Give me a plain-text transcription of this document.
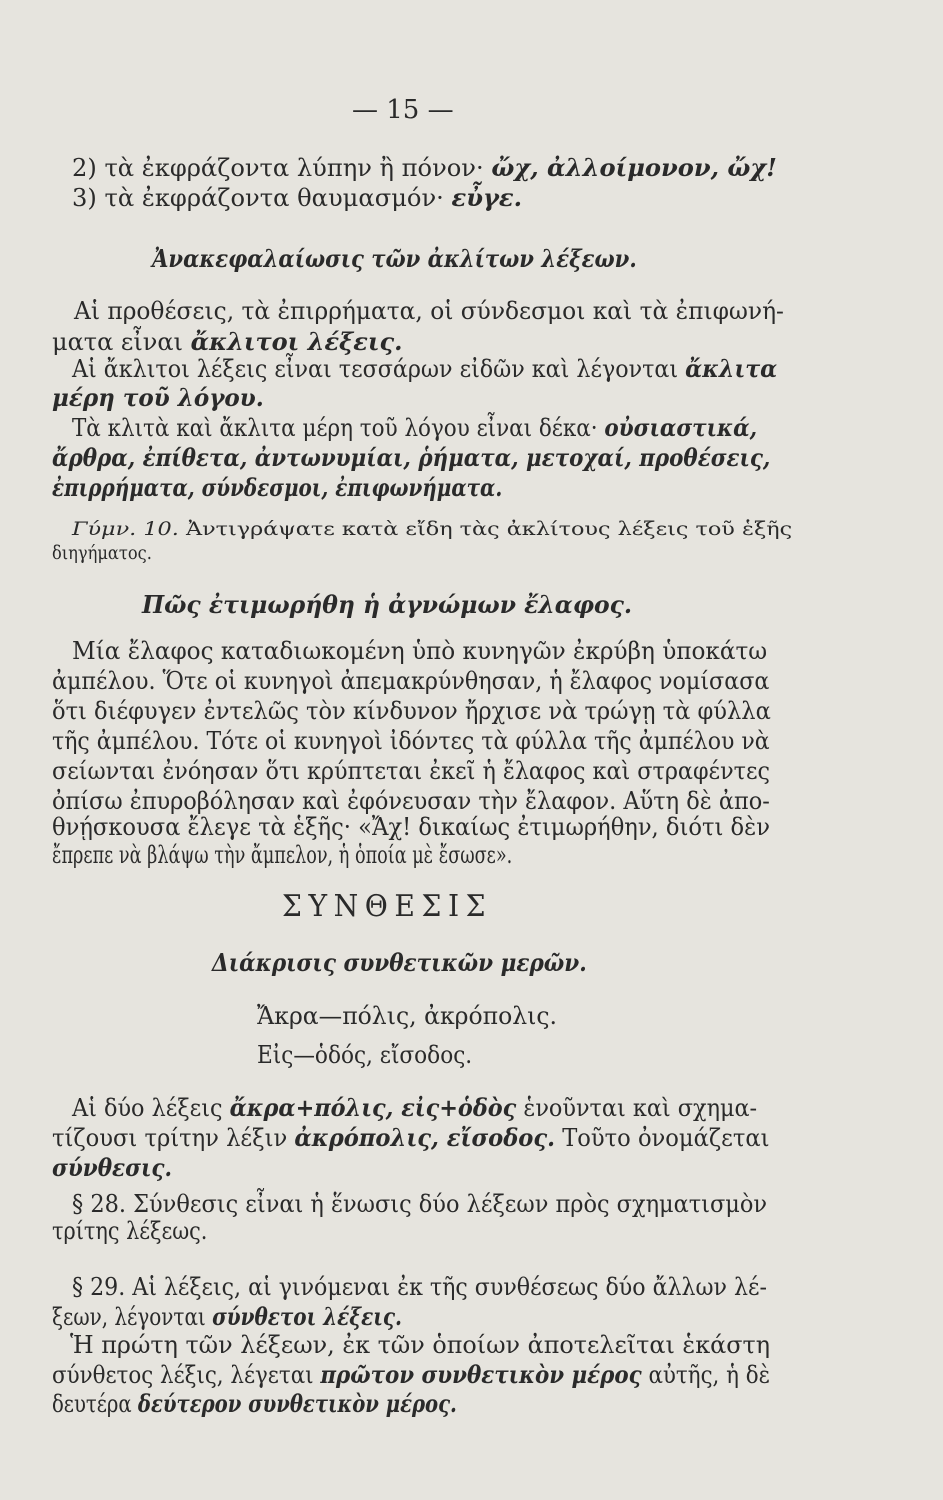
— 15 —
2) τὰ ἐκφράζοντα λύπην ἢ πόνον· ὤχ, ἀλλοίμονον, ὤχ!
3) τὰ ἐκφράζοντα θαυμασμόν· εὖγε.
Ἀνακεφαλαίωσις τῶν ἀκλίτων λέξεων.
Αἱ προθέσεις, τὰ ἐπιρρήματα, οἱ σύνδεσμοι καὶ τὰ ἐπιφωνή-
ματα εἶναι ἄκλιτοι λέξεις.
Αἱ ἄκλιτοι λέξεις εἶναι τεσσάρων εἰδῶν καὶ λέγονται ἄκλιτα
μέρη τοῦ λόγου.
Τὰ κλιτὰ καὶ ἄκλιτα μέρη τοῦ λόγου εἶναι δέκα· οὐσιαστικά,
ἄρθρα, ἐπίθετα, ἀντωνυμίαι, ῥήματα, μετοχαί, προθέσεις,
ἐπιρρήματα, σύνδεσμοι, ἐπιφωνήματα.
Γύμν. 10. Ἀντιγράψατε κατὰ εἴδη τὰς ἀκλίτους λέξεις τοῦ ἑξῆς
διηγήματος.
Πῶς ἐτιμωρήθη ἡ ἀγνώμων ἔλαφος.
Μία ἔλαφος καταδιωκομένη ὑπὸ κυνηγῶν ἐκρύβη ὑποκάτω
ἀμπέλου. Ὅτε οἱ κυνηγοὶ ἀπεμακρύνθησαν, ἡ ἔλαφος νομίσασα
ὅτι διέφυγεν ἐντελῶς τὸν κίνδυνον ἤρχισε νὰ τρώγῃ τὰ φύλλα
τῆς ἀμπέλου. Τότε οἱ κυνηγοὶ ἰδόντες τὰ φύλλα τῆς ἀμπέλου νὰ
σείωνται ἐνόησαν ὅτι κρύπτεται ἐκεῖ ἡ ἔλαφος καὶ στραφέντες
ὀπίσω ἐπυροβόλησαν καὶ ἐφόνευσαν τὴν ἔλαφον. Αὕτη δὲ ἀπο-
θνῄσκουσα ἔλεγε τὰ ἑξῆς· «Ἄχ! δικαίως ἐτιμωρήθην, διότι δὲν
ἔπρεπε νὰ βλάψω τὴν ἄμπελον, ἡ ὁποία μὲ ἔσωσε».
ΣΥΝΘΕΣΙΣ
Διάκρισις συνθετικῶν μερῶν.
Ἄκρα—πόλις, ἀκρόπολις.
Εἰς—ὁδός, εἴσοδος.
Αἱ δύο λέξεις ἄκρα+πόλις, εἰς+ὁδὸς ἑνοῦνται καὶ σχημα-
τίζουσι τρίτην λέξιν ἀκρόπολις, εἴσοδος. Τοῦτο ὀνομάζεται
σύνθεσις.
§ 28. Σύνθεσις εἶναι ἡ ἕνωσις δύο λέξεων πρὸς σχηματισμὸν
τρίτης λέξεως.
§ 29. Αἱ λέξεις, αἱ γινόμεναι ἐκ τῆς συνθέσεως δύο ἄλλων λέ-
ξεων, λέγονται σύνθετοι λέξεις.
Ἡ πρώτη τῶν λέξεων, ἐκ τῶν ὁποίων ἀποτελεῖται ἑκάστη
σύνθετος λέξις, λέγεται πρῶτον συνθετικὸν μέρος αὐτῆς, ἡ δὲ
δευτέρα δεύτερον συνθετικὸν μέρος.
